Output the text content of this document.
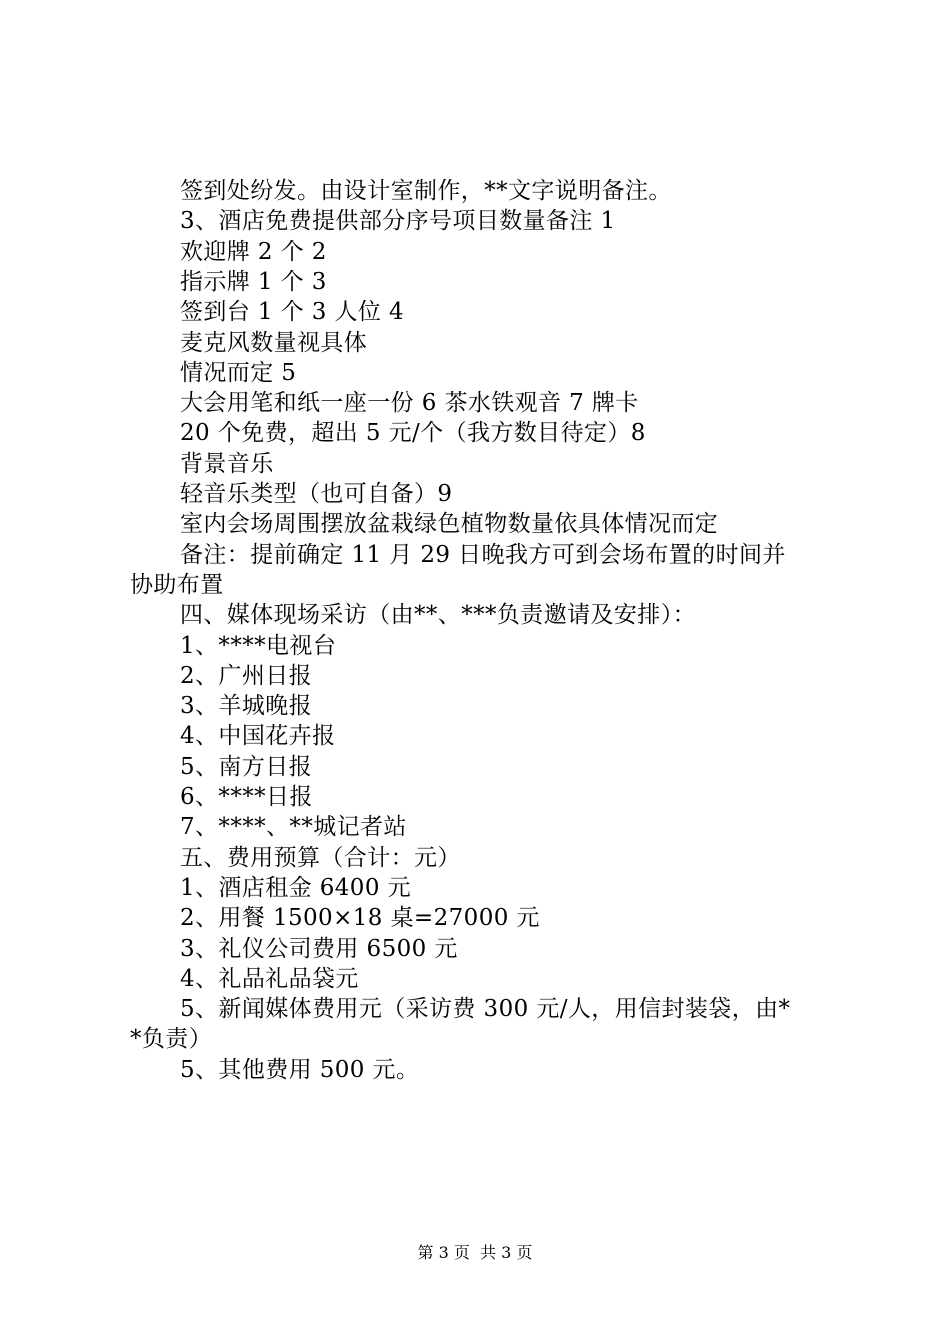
签到处纷发。由设计室制作，**文字说明备注。
3、酒店免费提供部分序号项目数量备注 1
欢迎牌 2 个 2
指示牌 1 个 3
签到台 1 个 3 人位 4
麦克风数量视具体
情况而定 5
大会用笔和纸一座一份 6 茶水铁观音 7 牌卡
20 个免费，超出 5 元/个（我方数目待定）8
背景音乐
轻音乐类型（也可自备）9
室内会场周围摆放盆栽绿色植物数量依具体情况而定
备注：提前确定 11 月 29 日晚我方可到会场布置的时间并
协助布置
四、媒体现场采访（由**、***负责邀请及安排）：
1、****电视台
2、广州日报
3、羊城晚报
4、中国花卉报
5、南方日报
6、****日报
7、****、**城记者站
五、费用预算（合计：元）
1、酒店租金 6400 元
2、用餐 1500×18 桌=27000 元
3、礼仪公司费用 6500 元
4、礼品礼品袋元
5、新闻媒体费用元（采访费 300 元/人，用信封装袋，由*
*负责）
5、其他费用 500 元。
第 3 页  共 3 页
